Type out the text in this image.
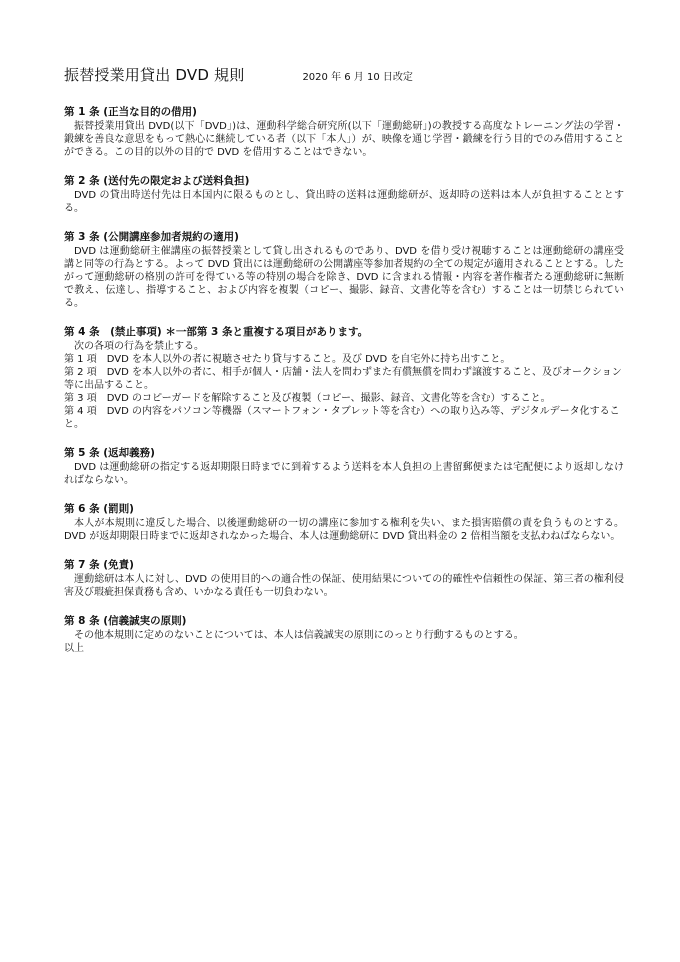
振替授業用貸出 DVD 規則	2020 年 6 月 10 日改定
第 1 条 (正当な目的の借用)
振替授業用貸出 DVD(以下「DVD」)は、運動科学総合研究所(以下「運動総研」)の教授する高度なトレーニング法の学習・鍛練を善良な意思をもって熱心に継続している者（以下「本人」）が、映像を通じ学習・鍛練を行う目的でのみ借用することができる。この目的以外の目的で DVD を借用することはできない。
第 2 条 (送付先の限定および送料負担)
DVD の貸出時送付先は日本国内に限るものとし、貸出時の送料は運動総研が、返却時の送料は本人が負担することとする。
第 3 条 (公開講座参加者規約の適用)
DVD は運動総研主催講座の振替授業として貸し出されるものであり、DVD を借り受け視聴することは運動総研の講座受講と同等の行為とする。よって DVD 貸出には運動総研の公開講座等参加者規約の全ての規定が適用されることとする。したがって運動総研の格別の許可を得ている等の特別の場合を除き、DVD に含まれる情報・内容を著作権者たる運動総研に無断で教え、伝達し、指導すること、および内容を複製（コピー、撮影、録音、文書化等を含む）することは一切禁じられている。
第 4 条　(禁止事項) ＊一部第 3 条と重複する項目があります。
次の各項の行為を禁止する。
第 1 項　DVD を本人以外の者に視聴させたり貸与すること。及び DVD を自宅外に持ち出すこと。
第 2 項　DVD を本人以外の者に、相手が個人・店舗・法人を問わずまた有償無償を問わず譲渡すること、及びオークション等に出品すること。
第 3 項　DVD のコピーガードを解除すること及び複製（コピー、撮影、録音、文書化等を含む）すること。
第 4 項　DVD の内容をパソコン等機器（スマートフォン・タブレット等を含む）への取り込み等、デジタルデータ化すること。
第 5 条 (返却義務)
DVD は運動総研の指定する返却期限日時までに到着するよう送料を本人負担の上書留郵便または宅配便により返却しなければならない。
第 6 条 (罰則)
本人が本規則に違反した場合、以後運動総研の一切の講座に参加する権利を失い、また損害賠償の責を負うものとする。DVD が返却期限日時までに返却されなかった場合、本人は運動総研に DVD 貸出料金の 2 倍相当額を支払わねばならない。
第 7 条 (免責)
運動総研は本人に対し、DVD の使用目的への適合性の保証、使用結果についての的確性や信頼性の保証、第三者の権利侵害及び瑕疵担保責務も含め、いかなる責任も一切負わない。
第 8 条 (信義誠実の原則)
その他本規則に定めのないことについては、本人は信義誠実の原則にのっとり行動するものとする。
以上
